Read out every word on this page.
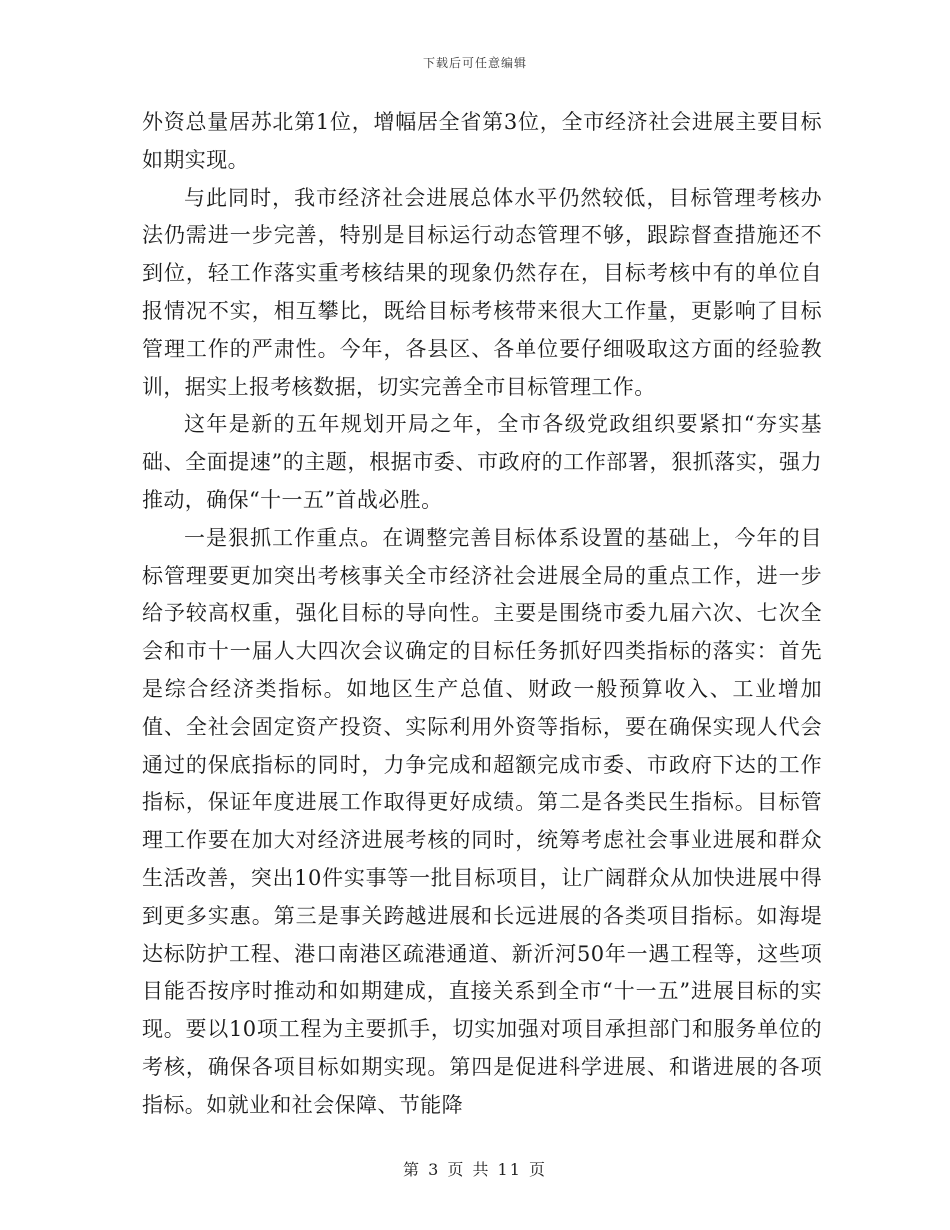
下载后可任意编辑

外资总量居苏北第1位，增幅居全省第3位，全市经济社会进展主要目标如期实现。

与此同时，我市经济社会进展总体水平仍然较低，目标管理考核办法仍需进一步完善，特别是目标运行动态管理不够，跟踪督查措施还不到位，轻工作落实重考核结果的现象仍然存在，目标考核中有的单位自报情况不实，相互攀比，既给目标考核带来很大工作量，更影响了目标管理工作的严肃性。今年，各县区、各单位要仔细吸取这方面的经验教训，据实上报考核数据，切实完善全市目标管理工作。

这年是新的五年规划开局之年，全市各级党政组织要紧扣“夯实基础、全面提速”的主题，根据市委、市政府的工作部署，狠抓落实，强力推动，确保“十一五”首战必胜。

一是狠抓工作重点。在调整完善目标体系设置的基础上，今年的目标管理要更加突出考核事关全市经济社会进展全局的重点工作，进一步给予较高权重，强化目标的导向性。主要是围绕市委九届六次、七次全会和市十一届人大四次会议确定的目标任务抓好四类指标的落实：首先是综合经济类指标。如地区生产总值、财政一般预算收入、工业增加值、全社会固定资产投资、实际利用外资等指标，要在确保实现人代会通过的保底指标的同时，力争完成和超额完成市委、市政府下达的工作指标，保证年度进展工作取得更好成绩。第二是各类民生指标。目标管理工作要在加大对经济进展考核的同时，统筹考虑社会事业进展和群众生活改善，突出10件实事等一批目标项目，让广阔群众从加快进展中得到更多实惠。第三是事关跨越进展和长远进展的各类项目指标。如海堤达标防护工程、港口南港区疏港通道、新沂河50年一遇工程等，这些项目能否按序时推动和如期建成，直接关系到全市“十一五”进展目标的实现。要以10项工程为主要抓手，切实加强对项目承担部门和服务单位的考核，确保各项目标如期实现。第四是促进科学进展、和谐进展的各项指标。如就业和社会保障、节能降

第 3 页 共 11 页
